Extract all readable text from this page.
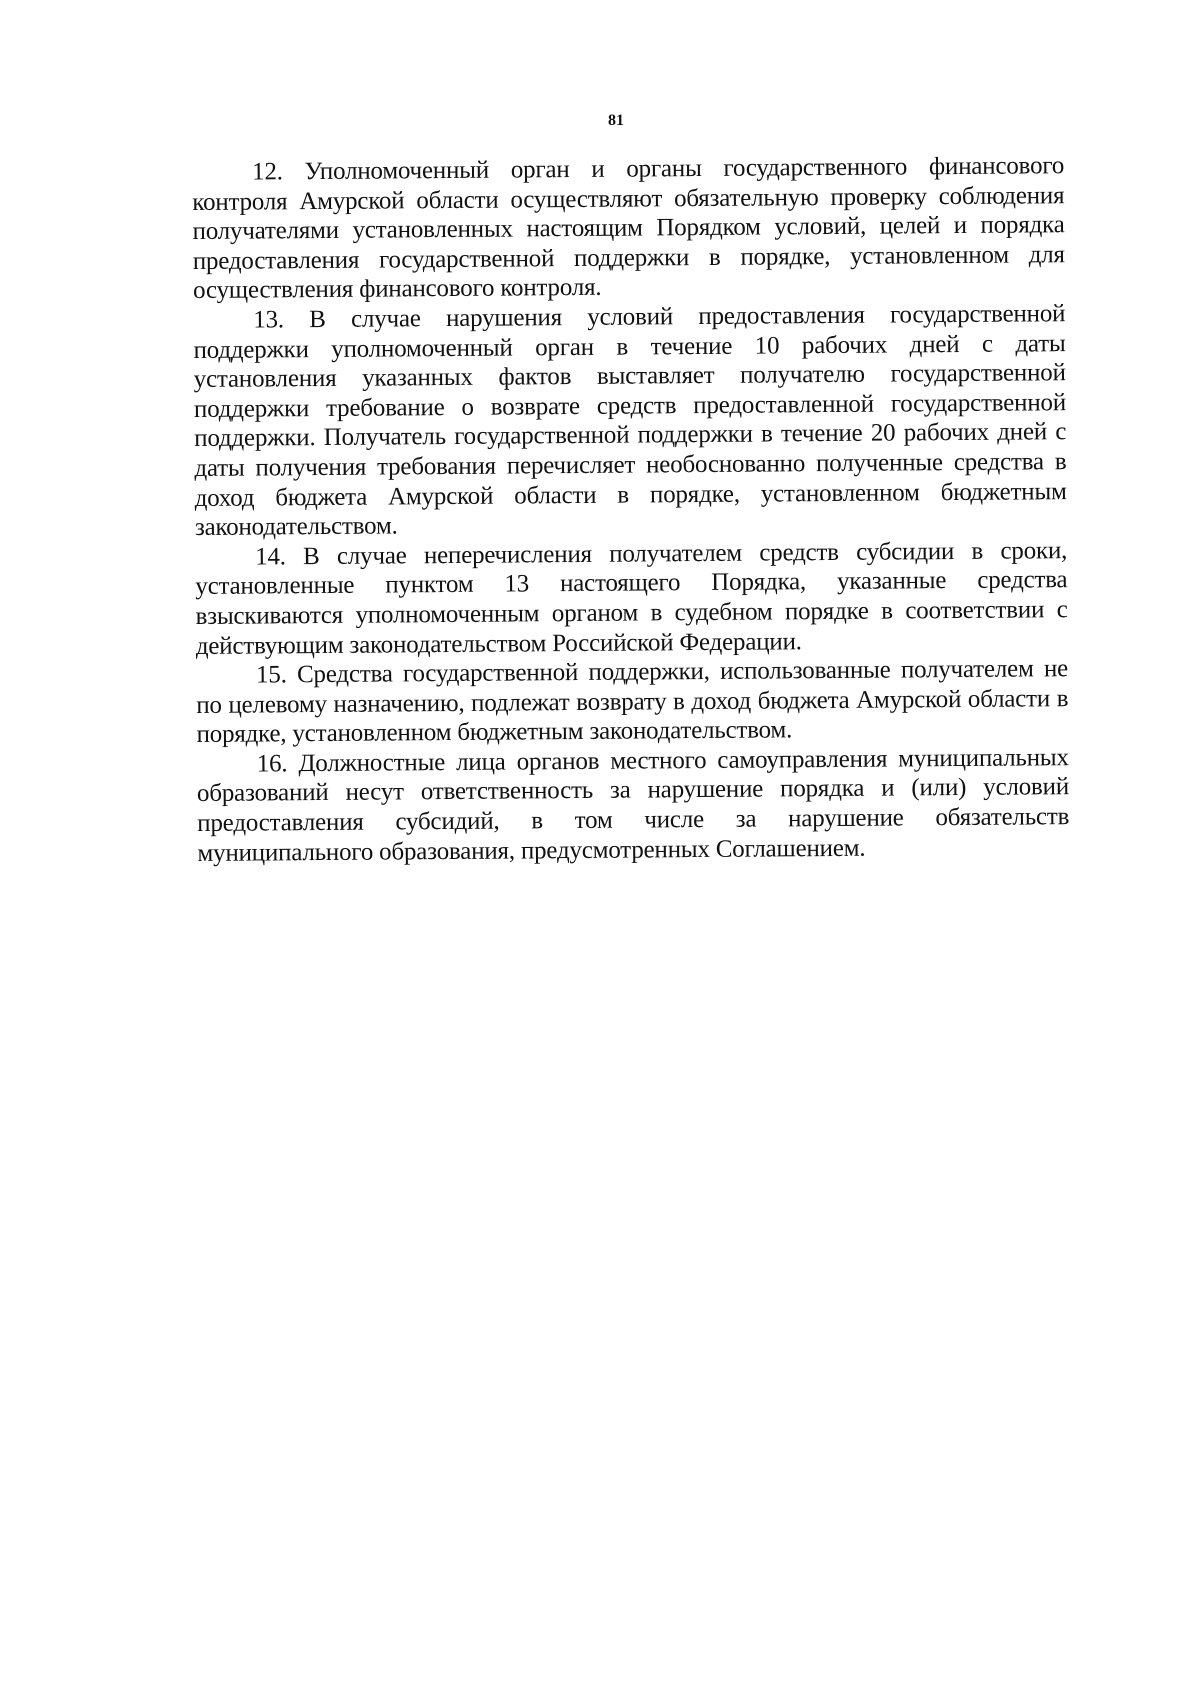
81

12. Уполномоченный орган и органы государственного финансового контроля Амурской области осуществляют обязательную проверку соблюдения получателями установленных настоящим Порядком условий, целей и порядка предоставления государственной поддержки в порядке, установленном для осуществления финансового контроля.

13. В случае нарушения условий предоставления государственной поддержки уполномоченный орган в течение 10 рабочих дней с даты установления указанных фактов выставляет получателю государственной поддержки требование о возврате средств предоставленной государственной поддержки. Получатель государственной поддержки в течение 20 рабочих дней с даты получения требования перечисляет необоснованно полученные средства в доход бюджета Амурской области в порядке, установленном бюджетным законодательством.

14. В случае неперечисления получателем средств субсидии в сроки, установленные пунктом 13 настоящего Порядка, указанные средства взыскиваются уполномоченным органом в судебном порядке в соответствии с действующим законодательством Российской Федерации.

15. Средства государственной поддержки, использованные получателем не по целевому назначению, подлежат возврату в доход бюджета Амурской области в порядке, установленном бюджетным законодательством.

16. Должностные лица органов местного самоуправления муниципальных образований несут ответственность за нарушение порядка и (или) условий предоставления субсидий, в том числе за нарушение обязательств муниципального образования, предусмотренных Соглашением.
